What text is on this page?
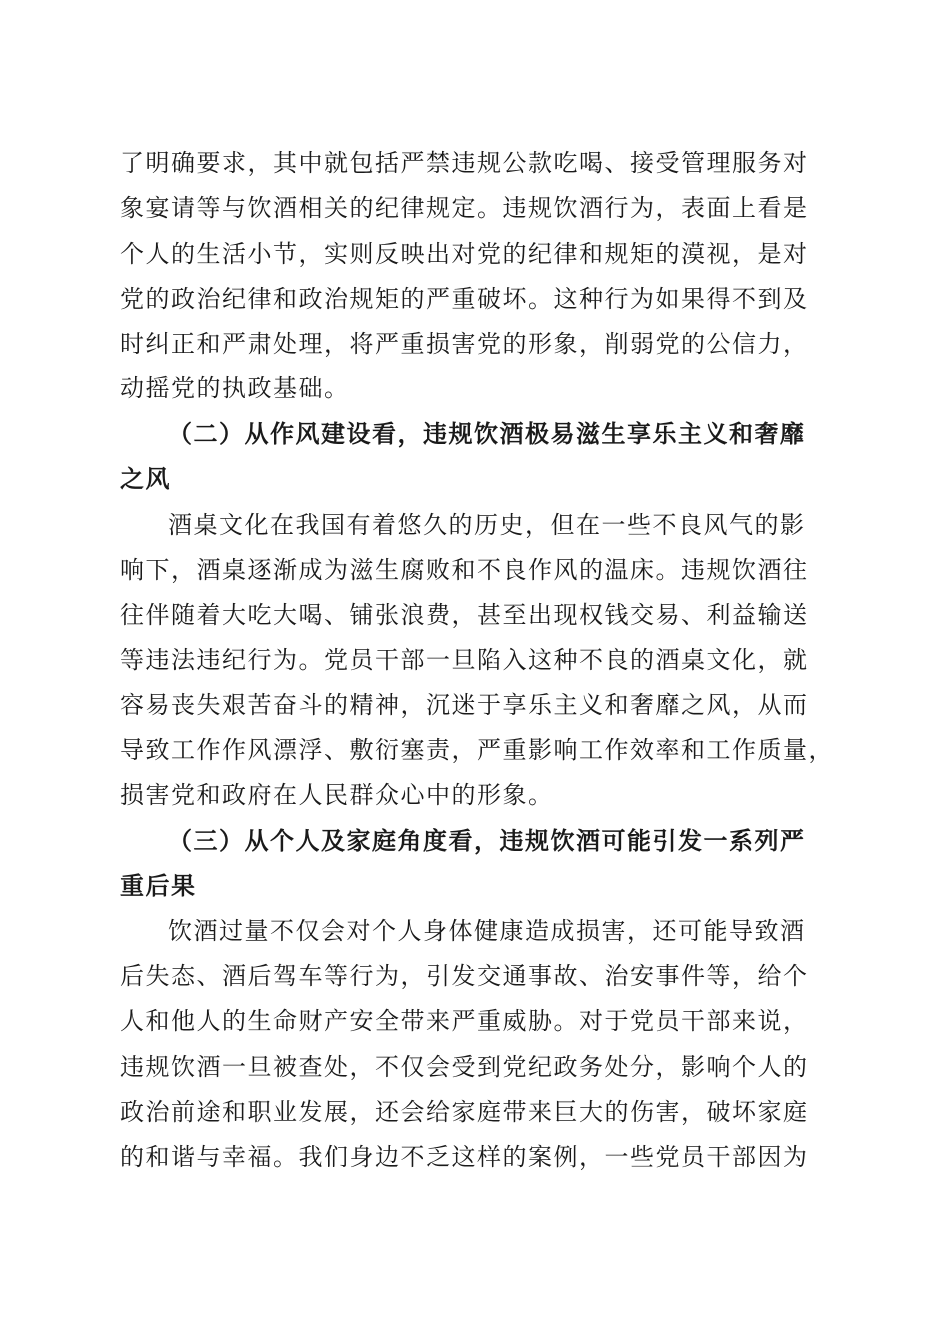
了明确要求，其中就包括严禁违规公款吃喝、接受管理服务对
象宴请等与饮酒相关的纪律规定。违规饮酒行为，表面上看是
个人的生活小节，实则反映出对党的纪律和规矩的漠视，是对
党的政治纪律和政治规矩的严重破坏。这种行为如果得不到及
时纠正和严肃处理，将严重损害党的形象，削弱党的公信力，
动摇党的执政基础。
（二）从作风建设看，违规饮酒极易滋生享乐主义和奢靡
之风
酒桌文化在我国有着悠久的历史，但在一些不良风气的影
响下，酒桌逐渐成为滋生腐败和不良作风的温床。违规饮酒往
往伴随着大吃大喝、铺张浪费，甚至出现权钱交易、利益输送
等违法违纪行为。党员干部一旦陷入这种不良的酒桌文化，就
容易丧失艰苦奋斗的精神，沉迷于享乐主义和奢靡之风，从而
导致工作作风漂浮、敷衍塞责，严重影响工作效率和工作质量，
损害党和政府在人民群众心中的形象。
（三）从个人及家庭角度看，违规饮酒可能引发一系列严
重后果
饮酒过量不仅会对个人身体健康造成损害，还可能导致酒
后失态、酒后驾车等行为，引发交通事故、治安事件等，给个
人和他人的生命财产安全带来严重威胁。对于党员干部来说，
违规饮酒一旦被查处，不仅会受到党纪政务处分，影响个人的
政治前途和职业发展，还会给家庭带来巨大的伤害，破坏家庭
的和谐与幸福。我们身边不乏这样的案例，一些党员干部因为
